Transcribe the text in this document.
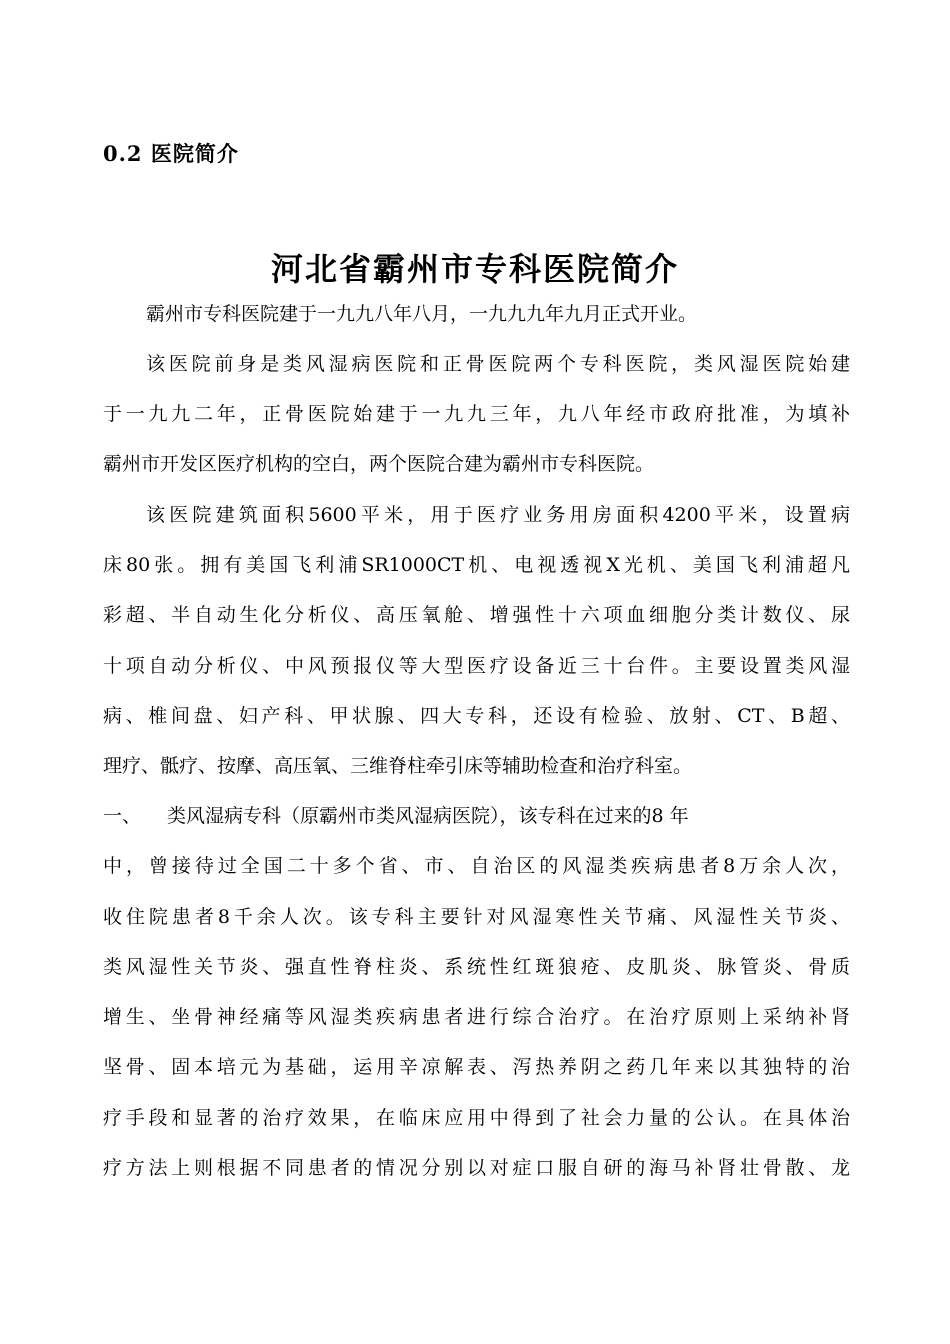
0.2 医院简介
河北省霸州市专科医院简介
霸州市专科医院建于一九九八年八月，一九九九年九月正式开业。
该医院前身是类风湿病医院和正骨医院两个专科医院，类风湿医院始建
于一九九二年，正骨医院始建于一九九三年，九八年经市政府批准，为填补
霸州市开发区医疗机构的空白，两个医院合建为霸州市专科医院。
该医院建筑面积5600平米，用于医疗业务用房面积4200平米，设置病
床80张。拥有美国飞利浦SR1000CT机、电视透视X光机、美国飞利浦超凡
彩超、半自动生化分析仪、高压氧舱、增强性十六项血细胞分类计数仪、尿
十项自动分析仪、中风预报仪等大型医疗设备近三十台件。主要设置类风湿
病、椎间盘、妇产科、甲状腺、四大专科，还设有检验、放射、CT、B超、
理疗、骶疗、按摩、高压氧、三维脊柱牵引床等辅助检查和治疗科室。
一、 类风湿病专科（原霸州市类风湿病医院），该专科在过来的8 年
中，曾接待过全国二十多个省、市、自治区的风湿类疾病患者8万余人次，
收住院患者8千余人次。该专科主要针对风湿寒性关节痛、风湿性关节炎、
类风湿性关节炎、强直性脊柱炎、系统性红斑狼疮、皮肌炎、脉管炎、骨质
增生、坐骨神经痛等风湿类疾病患者进行综合治疗。在治疗原则上采纳补肾
坚骨、固本培元为基础，运用辛凉解表、泻热养阴之药几年来以其独特的治
疗手段和显著的治疗效果，在临床应用中得到了社会力量的公认。在具体治
疗方法上则根据不同患者的情况分别以对症口服自研的海马补肾壮骨散、龙
